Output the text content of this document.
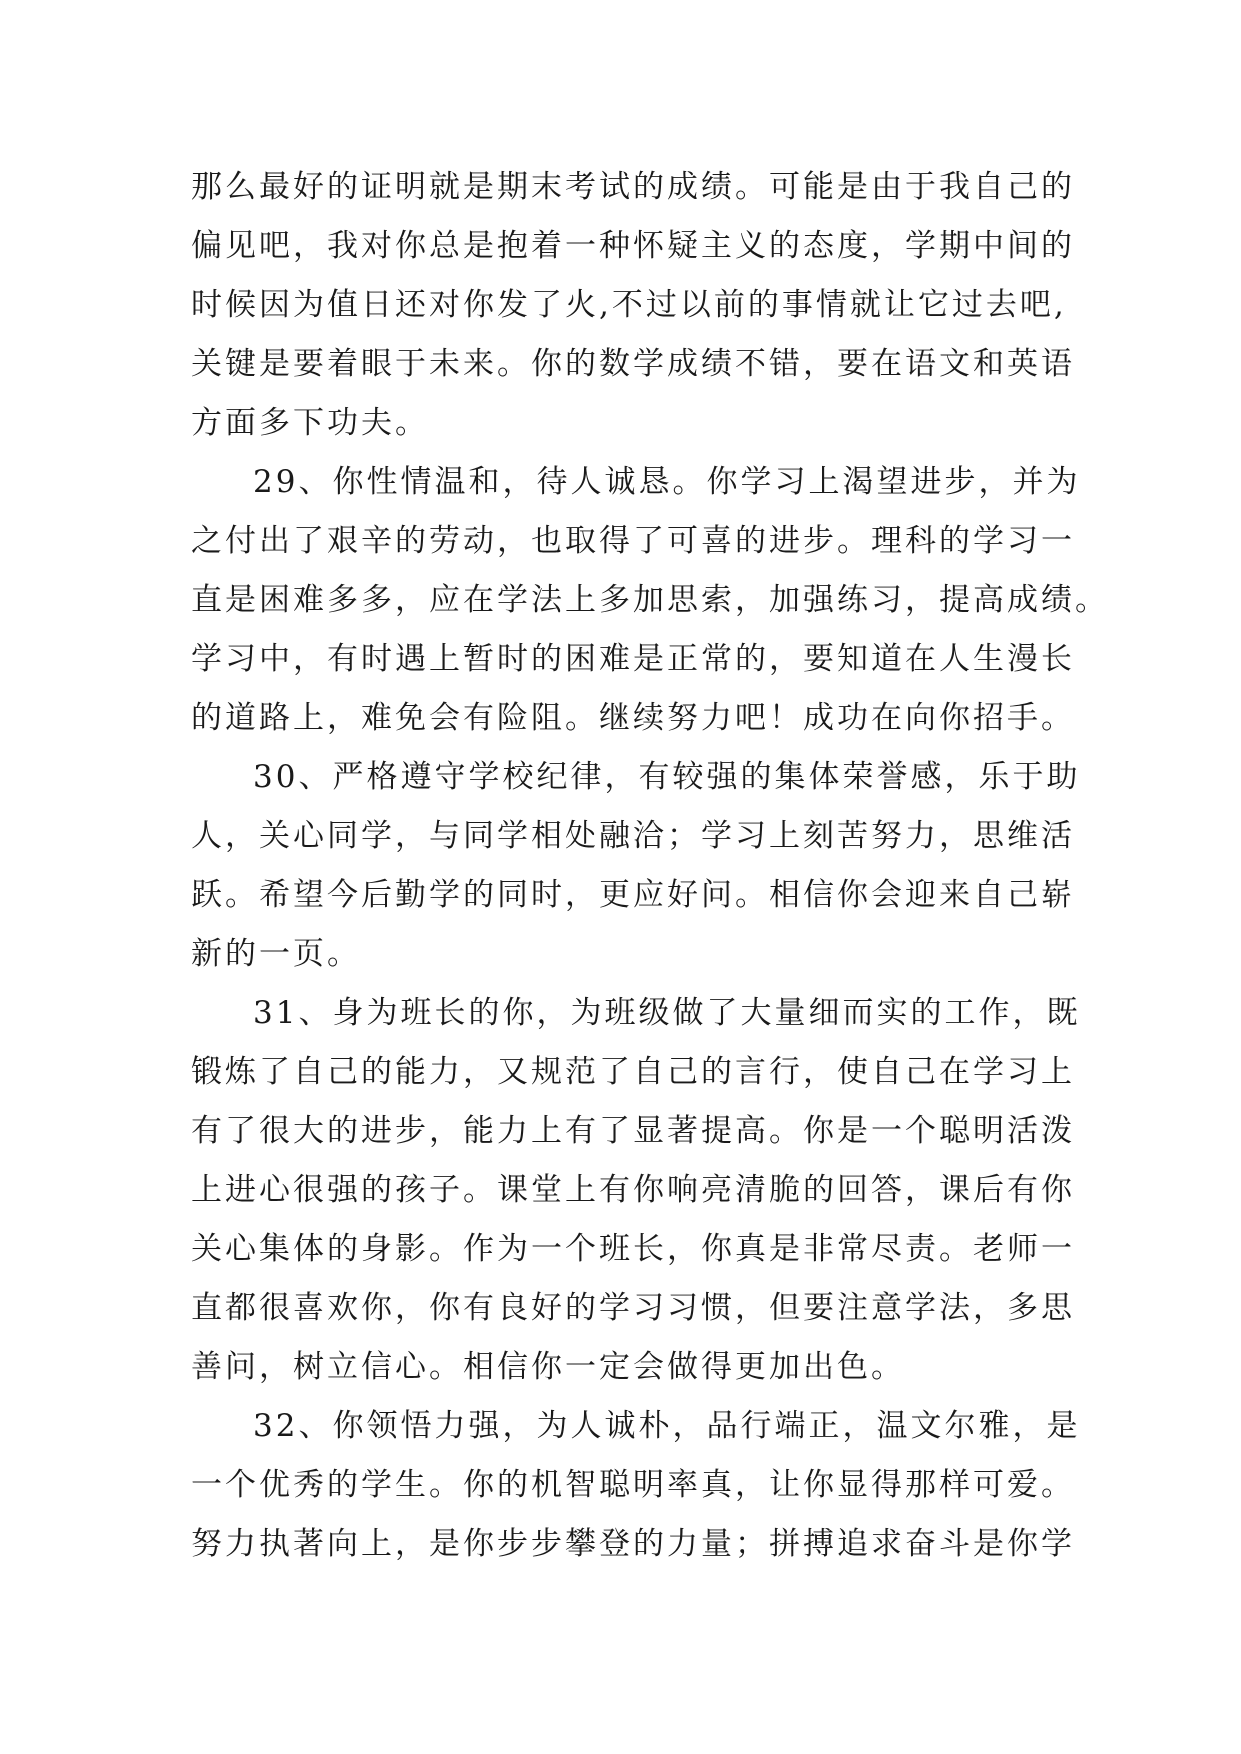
那么最好的证明就是期末考试的成绩。可能是由于我自己的
偏见吧，我对你总是抱着一种怀疑主义的态度，学期中间的
时候因为值日还对你发了火,不过以前的事情就让它过去吧,
关键是要着眼于未来。你的数学成绩不错，要在语文和英语
方面多下功夫。
29、你性情温和，待人诚恳。你学习上渴望进步，并为
之付出了艰辛的劳动，也取得了可喜的进步。理科的学习一
直是困难多多，应在学法上多加思索，加强练习，提高成绩。
学习中，有时遇上暂时的困难是正常的，要知道在人生漫长
的道路上，难免会有险阻。继续努力吧！成功在向你招手。
30、严格遵守学校纪律，有较强的集体荣誉感，乐于助
人，关心同学，与同学相处融洽；学习上刻苦努力，思维活
跃。希望今后勤学的同时，更应好问。相信你会迎来自己崭
新的一页。
31、身为班长的你，为班级做了大量细而实的工作，既
锻炼了自己的能力，又规范了自己的言行，使自己在学习上
有了很大的进步，能力上有了显著提高。你是一个聪明活泼
上进心很强的孩子。课堂上有你响亮清脆的回答，课后有你
关心集体的身影。作为一个班长，你真是非常尽责。老师一
直都很喜欢你，你有良好的学习习惯，但要注意学法，多思
善问，树立信心。相信你一定会做得更加出色。
32、你领悟力强，为人诚朴，品行端正，温文尔雅，是
一个优秀的学生。你的机智聪明率真，让你显得那样可爱。
努力执著向上，是你步步攀登的力量；拼搏追求奋斗是你学
